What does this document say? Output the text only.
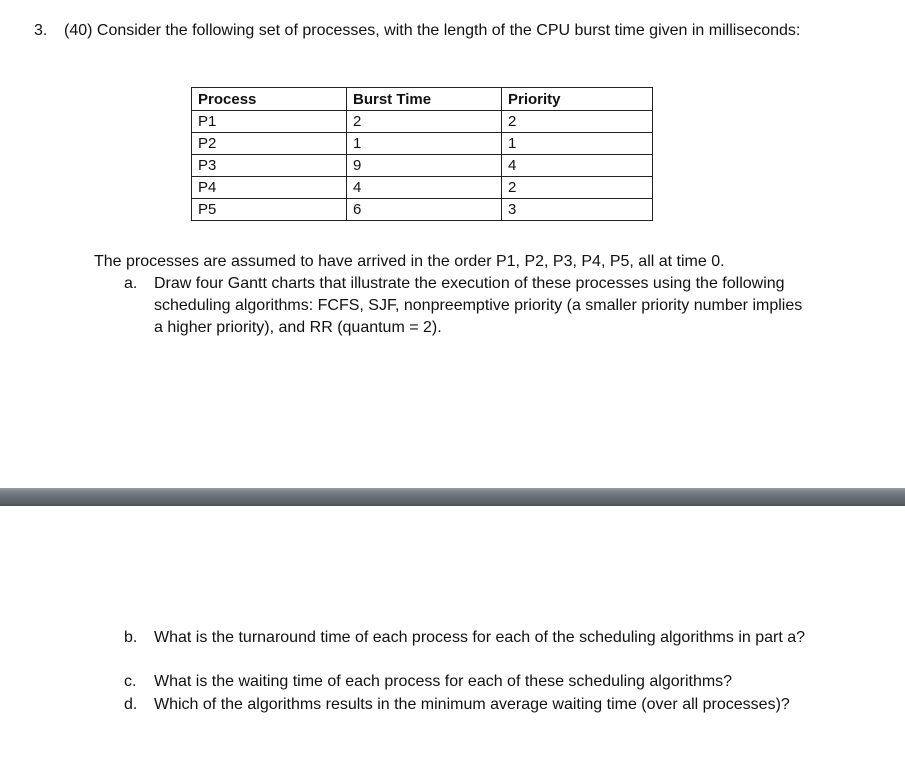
3. (40) Consider the following set of processes, with the length of the CPU burst time given in milliseconds:
Process	Burst Time	Priority
P1	2	2
P2	1	1
P3	9	4
P4	4	2
P5	6	3
The processes are assumed to have arrived in the order P1, P2, P3, P4, P5, all at time 0.
a. Draw four Gantt charts that illustrate the execution of these processes using the following scheduling algorithms: FCFS, SJF, nonpreemptive priority (a smaller priority number implies a higher priority), and RR (quantum = 2).
b. What is the turnaround time of each process for each of the scheduling algorithms in part a?
c. What is the waiting time of each process for each of these scheduling algorithms?
d. Which of the algorithms results in the minimum average waiting time (over all processes)?
